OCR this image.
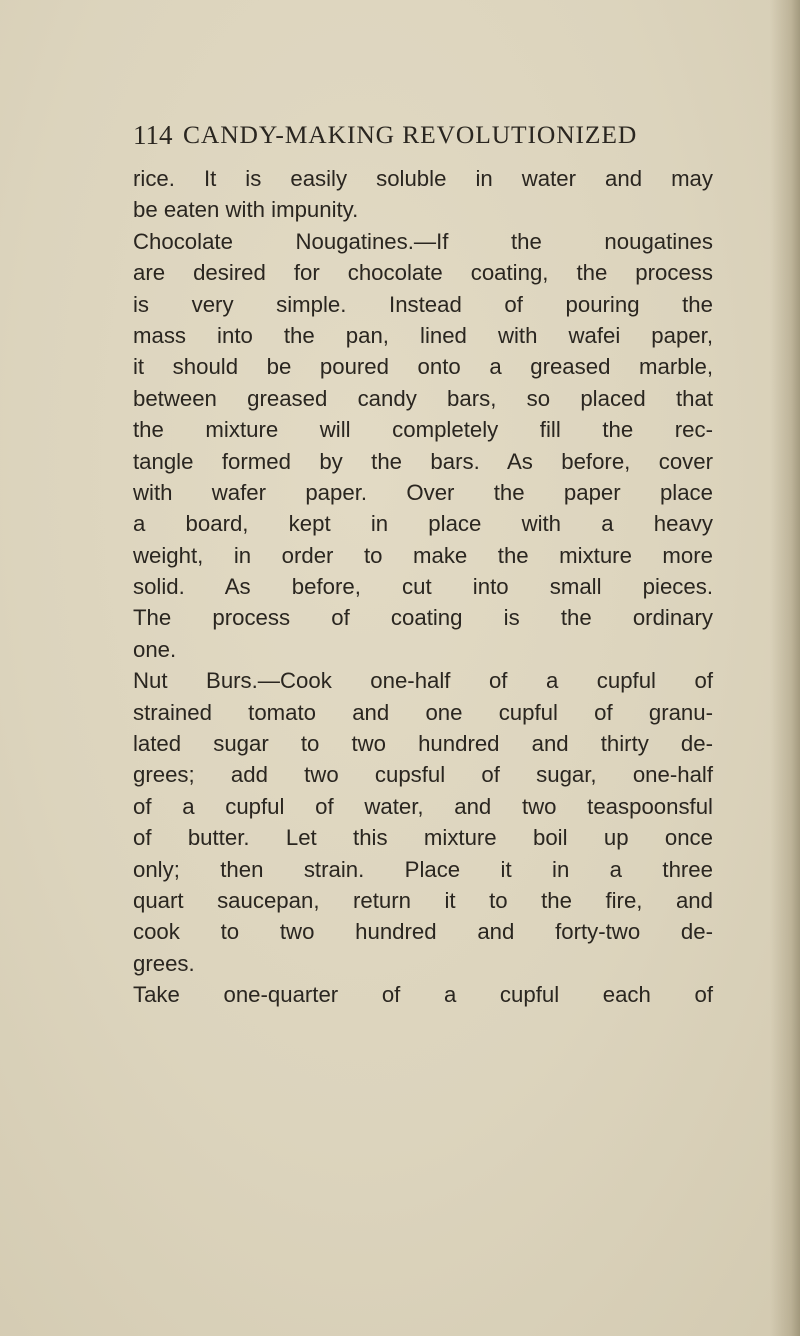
114 CANDY-MAKING REVOLUTIONIZED
rice. It is easily soluble in water and may
be eaten with impunity.
Chocolate Nougatines.—If the nougatines
are desired for chocolate coating, the process
is very simple. Instead of pouring the
mass into the pan, lined with wafei paper,
it should be poured onto a greased marble,
between greased candy bars, so placed that
the mixture will completely fill the rec-
tangle formed by the bars. As before, cover
with wafer paper. Over the paper place
a board, kept in place with a heavy
weight, in order to make the mixture more
solid. As before, cut into small pieces.
The process of coating is the ordinary
one.
Nut Burs.—Cook one-half of a cupful of
strained tomato and one cupful of granu-
lated sugar to two hundred and thirty de-
grees; add two cupsful of sugar, one-half
of a cupful of water, and two teaspoonsful
of butter. Let this mixture boil up once
only; then strain. Place it in a three
quart saucepan, return it to the fire, and
cook to two hundred and forty-two de-
grees.
Take one-quarter of a cupful each of
